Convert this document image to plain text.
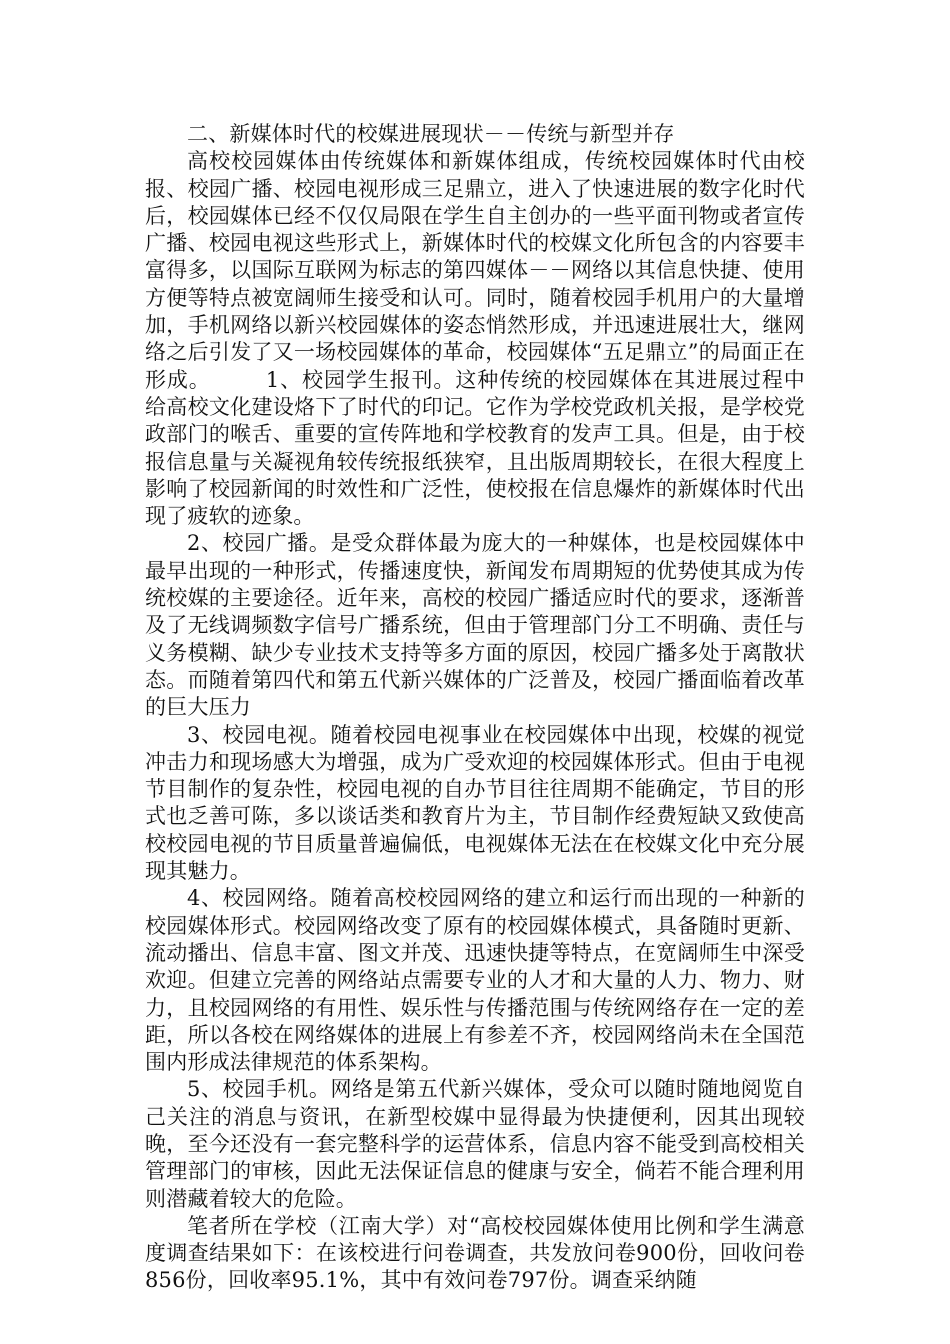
二、新媒体时代的校媒进展现状－－传统与新型并存

高校校园媒体由传统媒体和新媒体组成，传统校园媒体时代由校报、校园广播、校园电视形成三足鼎立，进入了快速进展的数字化时代后，校园媒体已经不仅仅局限在学生自主创办的一些平面刊物或者宣传广播、校园电视这些形式上，新媒体时代的校媒文化所包含的内容要丰富得多，以国际互联网为标志的第四媒体－－网络以其信息快捷、使用方便等特点被宽阔师生接受和认可。同时，随着校园手机用户的大量增加，手机网络以新兴校园媒体的姿态悄然形成，并迅速进展壮大，继网络之后引发了又一场校园媒体的革命，校园媒体“五足鼎立”的局面正在形成。　　　1、校园学生报刊。这种传统的校园媒体在其进展过程中给高校文化建设烙下了时代的印记。它作为学校党政机关报，是学校党政部门的喉舌、重要的宣传阵地和学校教育的发声工具。但是，由于校报信息量与关凝视角较传统报纸狭窄，且出版周期较长，在很大程度上影响了校园新闻的时效性和广泛性，使校报在信息爆炸的新媒体时代出现了疲软的迹象。

2、校园广播。是受众群体最为庞大的一种媒体，也是校园媒体中最早出现的一种形式，传播速度快，新闻发布周期短的优势使其成为传统校媒的主要途径。近年来，高校的校园广播适应时代的要求，逐渐普及了无线调频数字信号广播系统，但由于管理部门分工不明确、责任与义务模糊、缺少专业技术支持等多方面的原因，校园广播多处于离散状态。而随着第四代和第五代新兴媒体的广泛普及，校园广播面临着改革的巨大压力

3、校园电视。随着校园电视事业在校园媒体中出现，校媒的视觉冲击力和现场感大为增强，成为广受欢迎的校园媒体形式。但由于电视节目制作的复杂性，校园电视的自办节目往往周期不能确定，节目的形式也乏善可陈，多以谈话类和教育片为主，节目制作经费短缺又致使高校校园电视的节目质量普遍偏低，电视媒体无法在在校媒文化中充分展现其魅力。

4、校园网络。随着高校校园网络的建立和运行而出现的一种新的校园媒体形式。校园网络改变了原有的校园媒体模式，具备随时更新、流动播出、信息丰富、图文并茂、迅速快捷等特点，在宽阔师生中深受欢迎。但建立完善的网络站点需要专业的人才和大量的人力、物力、财力，且校园网络的有用性、娱乐性与传播范围与传统网络存在一定的差距，所以各校在网络媒体的进展上有参差不齐，校园网络尚未在全国范围内形成法律规范的体系架构。

5、校园手机。网络是第五代新兴媒体，受众可以随时随地阅览自己关注的消息与资讯，在新型校媒中显得最为快捷便利，因其出现较晚，至今还没有一套完整科学的运营体系，信息内容不能受到高校相关管理部门的审核，因此无法保证信息的健康与安全，倘若不能合理利用则潜藏着较大的危险。

笔者所在学校（江南大学）对“高校校园媒体使用比例和学生满意度调查结果如下：在该校进行问卷调查，共发放问卷900份，回收问卷856份，回收率95.1%，其中有效问卷797份。调查采纳随
